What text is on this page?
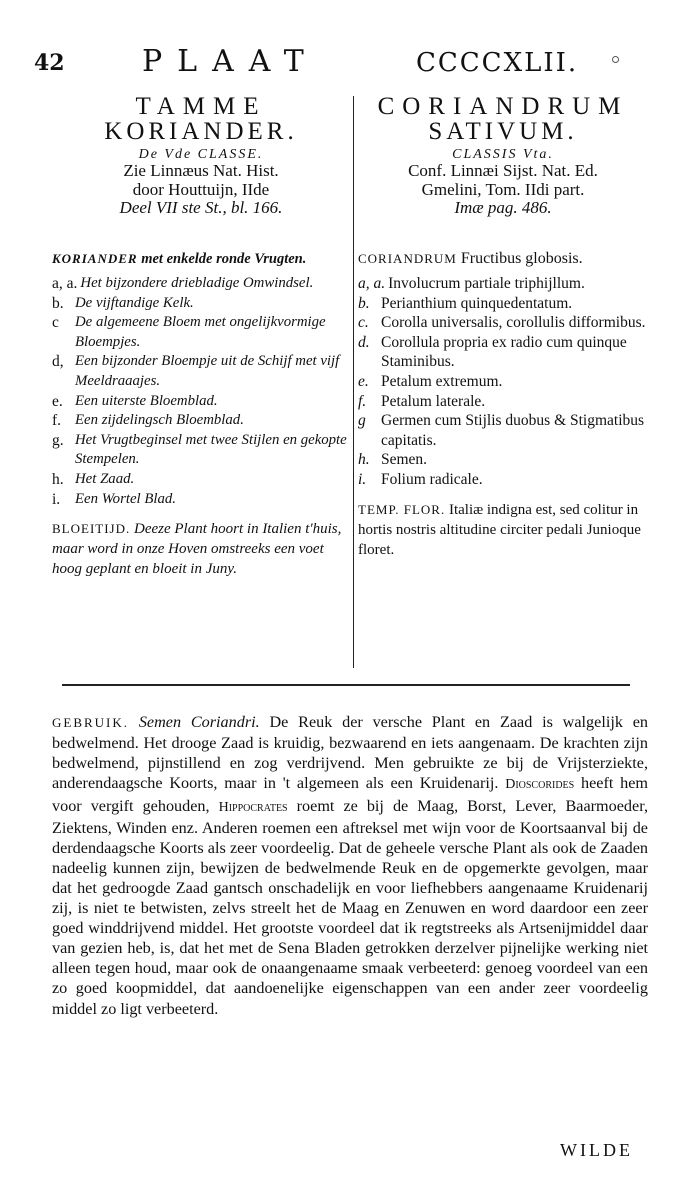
42	PLAAT	CCCCXLII.

TAMME

KORIANDER.

De Vde CLASSE.

Zie Linnæus Nat. Hist.

door Houttuijn, IIde

Deel VII ste St., bl. 166.

KORIANDER met enkelde ronde Vrugten.

a, a. Het bijzondere driebladige Omwindsel.
b. De vijftandige Kelk.
c	De algemeene Bloem met ongelijkvormige Bloempjes.
d, Een bijzonder Bloempje uit de Schijf met vijf Meeldraaajes.
e. Een uiterste Bloemblad.
f. Een zijdelingsch Bloemblad.
g. Het Vrugtbeginsel met twee Stijlen en gekopte Stempelen.
h. Het Zaad.
i.	Een Wortel Blad.

BLOEITIJD. Deeze Plant hoort in Italien t'huis, maar word in onze Hoven omstreeks een voet hoog geplant en bloeit in Juny.

CORIANDRUM

SATIVUM.

CLASSIS Vta.

Conf. Linnæi Sijst. Nat. Ed.

Gmelini, Tom. IIdi part.

Imæ pag. 486.

CORIANDRUM Fructibus globosis.

a, a. Involucrum partiale triphijllum.
b. Perianthium quinquedentatum.
c. Corolla universalis, corollulis difformibus.
d. Corollula propria ex radio cum quinque Staminibus.
e. Petalum extremum.
f. Petalum laterale.
g Germen cum Stijlis duobus & Stigmatibus capitatis.
h. Semen.
i. Folium radicale.

TEMP. FLOR. Italiæ indigna est, sed colitur in hortis nostris altitudine circiter pedali Junioque floret.

GEBRUIK. Semen Coriandri. De Reuk der versche Plant en Zaad is walgelijk en bedwelmend. Het drooge Zaad is kruidig, bezwaarend en iets aangenaam. De krachten zijn bedwelmend, pijnstillend en zog verdrijvend. Men gebruikte ze bij de Vrijsterziekte, anderendaagsche Koorts, maar in 't algemeen als een Kruidenarij. Dioscorides heeft hem voor vergift gehouden, Hippocrates roemt ze bij de Maag, Borst, Lever, Baarmoeder, Ziektens, Winden enz. Anderen roemen een aftreksel met wijn voor de Koortsaanval bij de derdendaagsche Koorts als zeer voordeelig. Dat de geheele versche Plant als ook de Zaaden nadeelig kunnen zijn, bewijzen de bedwelmende Reuk en de opgemerkte gevolgen, maar dat het gedroogde Zaad gantsch onschadelijk en voor liefhebbers aangenaame Kruidenarij zij, is niet te betwisten, zelvs streelt het de Maag en Zenuwen en word daardoor een zeer goed winddrijvend middel. Het grootste voordeel dat ik regtstreeks als Artsenijmiddel daar van gezien heb, is, dat het met de Sena Bladen getrokken derzelver pijnelijke werking niet alleen tegen houd, maar ook de onaangenaame smaak verbeeterd: genoeg voordeel van een zo goed koopmiddel, dat aandoenelijke eigenschappen van een ander zeer voordeelig middel zo ligt verbeeterd.

WILDE
